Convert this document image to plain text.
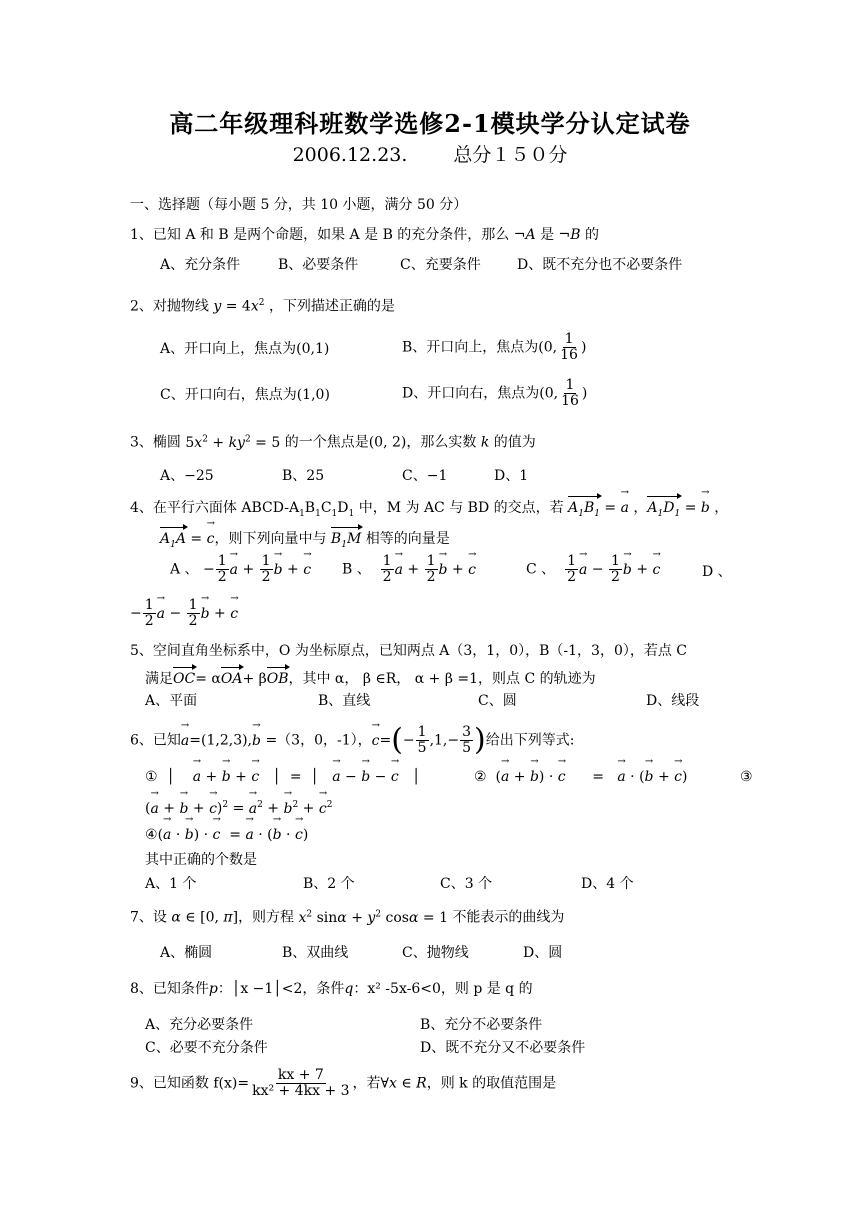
高二年级理科班数学选修2-1模块学分认定试卷
2006.12.23. 总分１５０分
一、选择题（每小题 5 分，共 10 小题，满分 50 分）
1、已知 A 和 B 是两个命题，如果 A 是 B 的充分条件，那么 ¬A 是 ¬B 的
A、充分条件	B、必要条件	C、充要条件	D、既不充分也不必要条件
2、对抛物线 $y = 4x^2$ ，下列描述正确的是
A、开口向上，焦点为(0,1)	B、开口向上，焦点为(0, $\frac{1}{16}$ )
C、开口向右，焦点为(1,0)	D、开口向右，焦点为(0, $\frac{1}{16}$ )
3、椭圆 $5x^2 + ky^2 = 5$ 的一个焦点是(0, 2)，那么实数 k 的值为
A、−25	B、25	C、−1	D、1
4、在平行六面体 ABCD-$A_1B_1C_1D_1$ 中，M 为 AC 与 BD 的交点，若 $A_1B_1$ = → a ，$A_1D_1$ = → b ，
$A_1A$ = → c，则下列向量中与 $B_1M$ 相等的向量是
A 、 − $\frac{1}{2}$
→ $a + \frac{1}{2}$
→ b + → c B 、 $\frac{1}{2}$
→ $a + \frac{1}{2}$
→ b + → c	C 、 $\frac{1}{2}$
→ $a - \frac{1}{2}$
→ b + → c	D 、
− $\frac{1}{2}$
→ $a - \frac{1}{2}$
→ b + → c
5、空间直角坐标系中，O 为坐标原点，已知两点 A（3，1，0），B（-1，3，0），若点 C
满足OC= αOA+ βOB，其中 α， β ∈R， α + β =1，则点 C 的轨迹为
A、平面	B、直线	C、圆	D、线段
6、已知→ a=(1,2,3),→ b =（3，0，-1），→ $c=(- \frac{1}{5} ,1,- \frac{3}{5}$ )给出下列等式:
①  │    → a + → b + → c   │  =  │   → a − → b − → c   │	②  (→ a + → b) · → c      =   → a · (→ b + → c)	③
(→ a + → b + → c)$^2$ = → $a^2$ + → $b^2$ + → $c^2$
④(→ a · → b) · → c  = → a · (→ b · → c)
其中正确的个数是
A、1 个	B、2 个	C、3 个	D、4 个
7、设 α ∈ [0, π]，则方程 $x^2$ $\sin\alpha + y^2$ cosα = 1 不能表示的曲线为
A、椭圆	B、双曲线	C、抛物线	D、圆
8、已知条件p：│x −1│<2，条件q：x² -5x-6<0，则 p 是 q 的
A、充分必要条件	B、充分不必要条件
C、必要不充分条件	D、既不充分又不必要条件
9、已知函数 $f(x)= \frac{kx + 7}{\text{kx² + 4kx + 3}}$ ，若∀x ∈ R，则 k 的取值范围是
